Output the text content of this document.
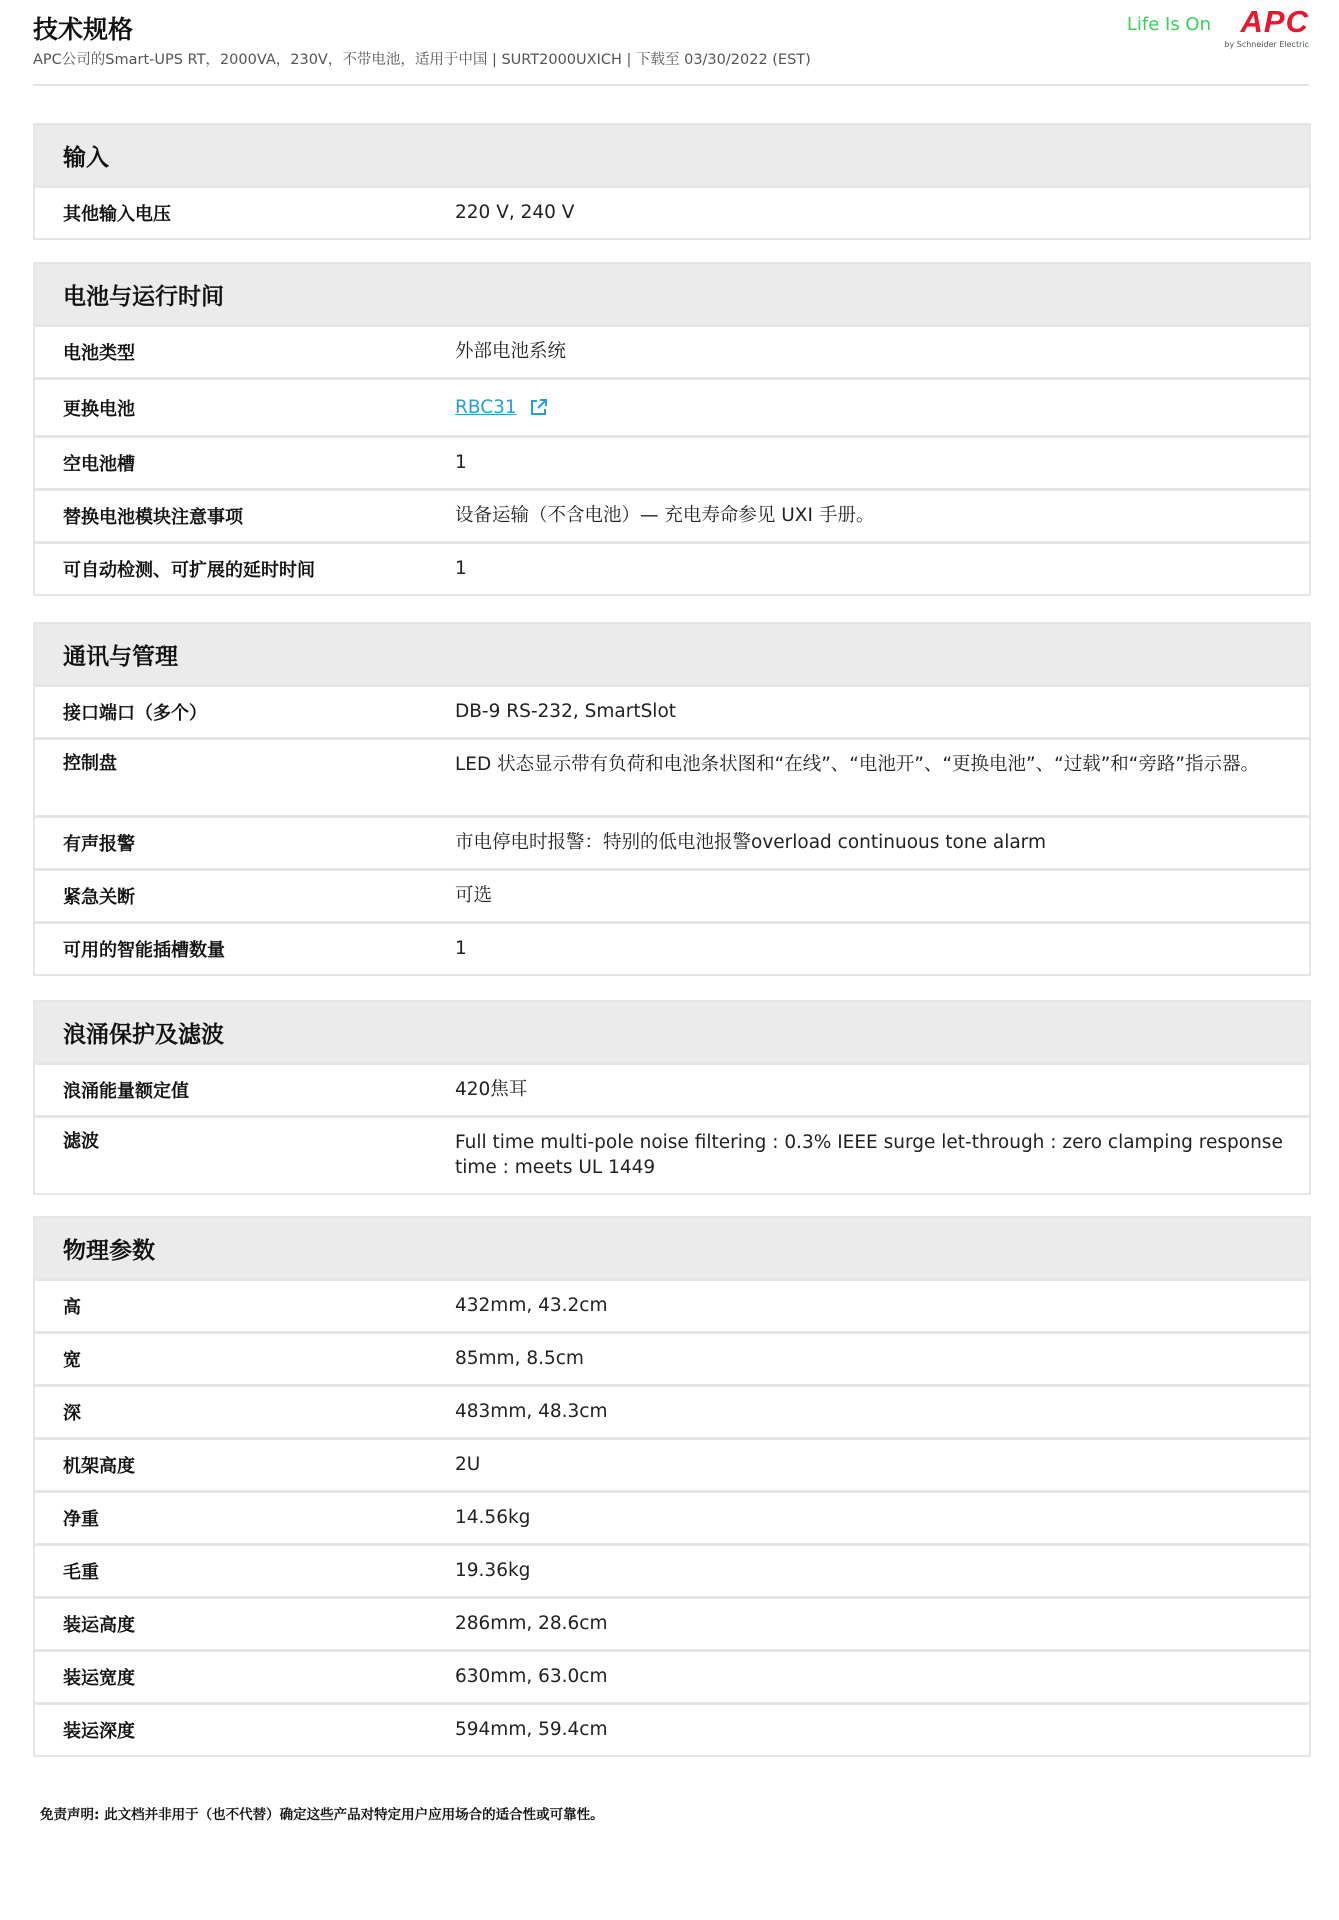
技术规格
APC公司的Smart-UPS RT，2000VA，230V，不带电池，适用于中国 | SURT2000UXICH | 下载至 03/30/2022 (EST)
Life Is On APC
by Schneider Electric
输入
其他输入电压	220 V, 240 V
电池与运行时间
电池类型	外部电池系统
更换电池	RBC31
空电池槽	1
替换电池模块注意事项	设备运输（不含电池）— 充电寿命参见 UXI 手册。
可自动检测、可扩展的延时时间	1
通讯与管理
接口端口（多个）	DB-9 RS-232, SmartSlot
控制盘	LED 状态显示带有负荷和电池条状图和“在线”、“电池开”、“更换电池”、“过载”和“旁路”指示器。
有声报警	市电停电时报警：特别的低电池报警overload continuous tone alarm
紧急关断	可选
可用的智能插槽数量	1
浪涌保护及滤波
浪涌能量额定值	420焦耳
滤波	Full time multi-pole noise filtering : 0.3% IEEE surge let-through : zero clamping response time : meets UL 1449
物理参数
高	432mm, 43.2cm
宽	85mm, 8.5cm
深	483mm, 48.3cm
机架高度	2U
净重	14.56kg
毛重	19.36kg
装运高度	286mm, 28.6cm
装运宽度	630mm, 63.0cm
装运深度	594mm, 59.4cm
免责声明: 此文档并非用于（也不代替）确定这些产品对特定用户应用场合的适合性或可靠性。
